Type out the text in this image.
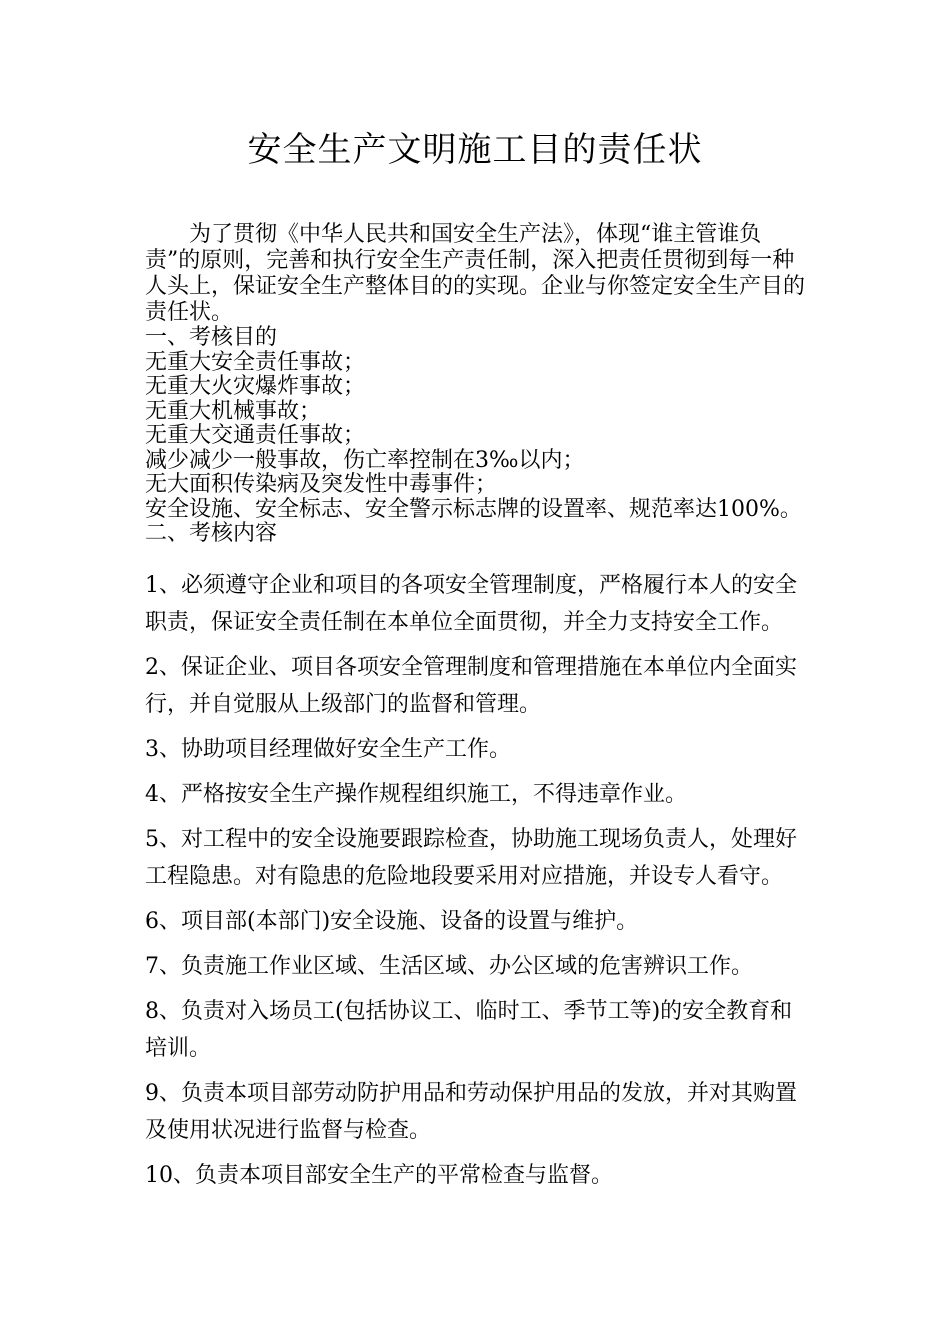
安全生产文明施工目的责任状

为了贯彻《中华人民共和国安全生产法》，体现“谁主管谁负责”的原则，完善和执行安全生产责任制，深入把责任贯彻到每一种人头上，保证安全生产整体目的的实现。企业与你签定安全生产目的责任状。

一、考核目的
无重大安全责任事故；
无重大火灾爆炸事故；
无重大机械事故；
无重大交通责任事故；
减少减少一般事故，伤亡率控制在3‰以内；
无大面积传染病及突发性中毒事件；
安全设施、安全标志、安全警示标志牌的设置率、规范率达100%。
二、考核内容

1、必须遵守企业和项目的各项安全管理制度，严格履行本人的安全职责，保证安全责任制在本单位全面贯彻，并全力支持安全工作。

2、保证企业、项目各项安全管理制度和管理措施在本单位内全面实行，并自觉服从上级部门的监督和管理。

3、协助项目经理做好安全生产工作。

4、严格按安全生产操作规程组织施工，不得违章作业。

5、对工程中的安全设施要跟踪检查，协助施工现场负责人，处理好工程隐患。对有隐患的危险地段要采用对应措施，并设专人看守。

6、项目部(本部门)安全设施、设备的设置与维护。

7、负责施工作业区域、生活区域、办公区域的危害辨识工作。

8、负责对入场员工(包括协议工、临时工、季节工等)的安全教育和培训。

9、负责本项目部劳动防护用品和劳动保护用品的发放，并对其购置及使用状况进行监督与检查。

10、负责本项目部安全生产的平常检查与监督。
